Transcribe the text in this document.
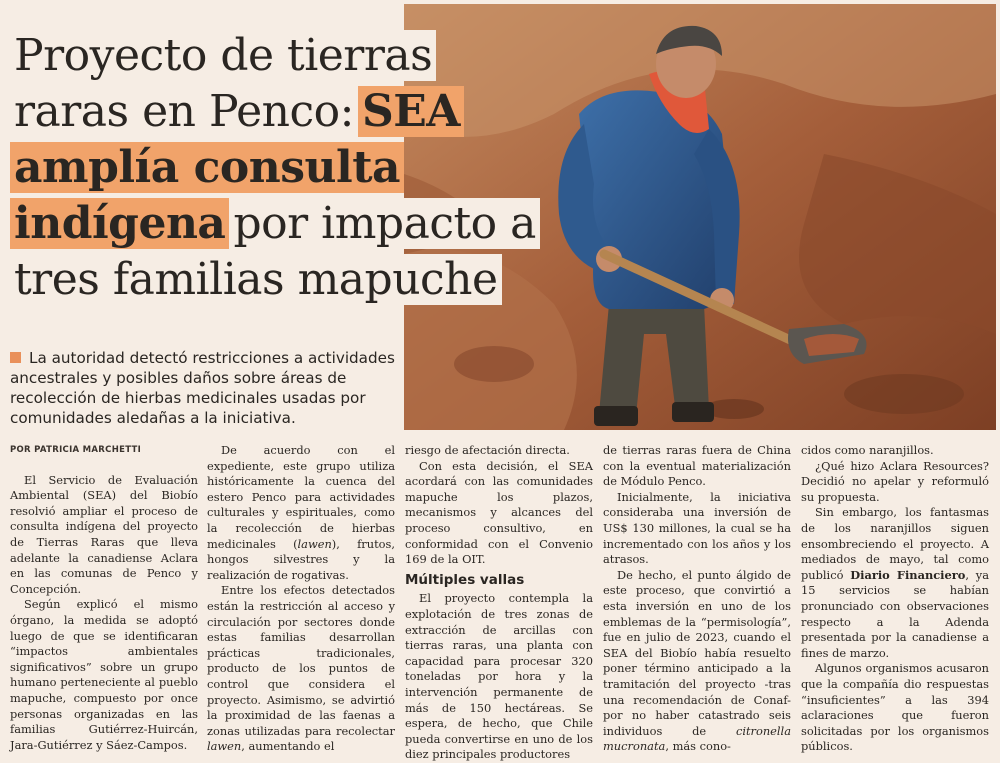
Proyecto de tierras
raras en Penco: SEA
amplía consulta
indígena por impacto a
tres familias mapuche

La autoridad detectó restricciones a actividades ancestrales y posibles daños sobre áreas de recolección de hierbas medicinales usadas por comunidades aledañas a la iniciativa.

POR PATRICIA MARCHETTI

El Servicio de Evaluación Ambiental (SEA) del Biobío resolvió ampliar el proceso de consulta indígena del proyecto de Tierras Raras que lleva adelante la canadiense Aclara en las comunas de Penco y Concepción.

Según explicó el mismo órgano, la medida se adoptó luego de que se identificaran “impactos ambientales significativos” sobre un grupo humano perteneciente al pueblo mapuche, compuesto por once personas organizadas en las familias Gutiérrez-Huircán, Jara-Gutiérrez y Sáez-Campos.

De acuerdo con el expediente, este grupo utiliza históricamente la cuenca del estero Penco para actividades culturales y espirituales, como la recolección de hierbas medicinales (lawen), frutos, hongos silvestres y la realización de rogativas.

Entre los efectos detectados están la restricción al acceso y circulación por sectores donde estas familias desarrollan prácticas tradicionales, producto de los puntos de control que considera el proyecto. Asimismo, se advirtió la proximidad de las faenas a zonas utilizadas para recolectar lawen, aumentando el

riesgo de afectación directa.

Con esta decisión, el SEA acordará con las comunidades mapuche los plazos, mecanismos y alcances del proceso consultivo, en conformidad con el Convenio 169 de la OIT.

Múltiples vallas

El proyecto contempla la explotación de tres zonas de extracción de arcillas con tierras raras, una planta con capacidad para procesar 320 toneladas por hora y la intervención permanente de más de 150 hectáreas. Se espera, de hecho, que Chile pueda convertirse en uno de los diez principales productores

de tierras raras fuera de China con la eventual materialización de Módulo Penco.

Inicialmente, la iniciativa consideraba una inversión de US$ 130 millones, la cual se ha incrementado con los años y los atrasos.

De hecho, el punto álgido de este proceso, que convirtió a esta inversión en uno de los emblemas de la “permisología”, fue en julio de 2023, cuando el SEA del Biobío había resuelto poner término anticipado a la tramitación del proyecto -tras una recomendación de Conaf- por no haber catastrado seis individuos de citronella mucronata, más cono-

cidos como naranjillos.

¿Qué hizo Aclara Resources? Decidió no apelar y reformuló su propuesta.

Sin embargo, los fantasmas de los naranjillos siguen ensombreciendo el proyecto. A mediados de mayo, tal como publicó Diario Financiero, ya 15 servicios se habían pronunciado con observaciones respecto a la Adenda presentada por la canadiense a fines de marzo.

Algunos organismos acusaron que la compañía dio respuestas “insuficientes” a las 394 aclaraciones que fueron solicitadas por los organismos públicos.
